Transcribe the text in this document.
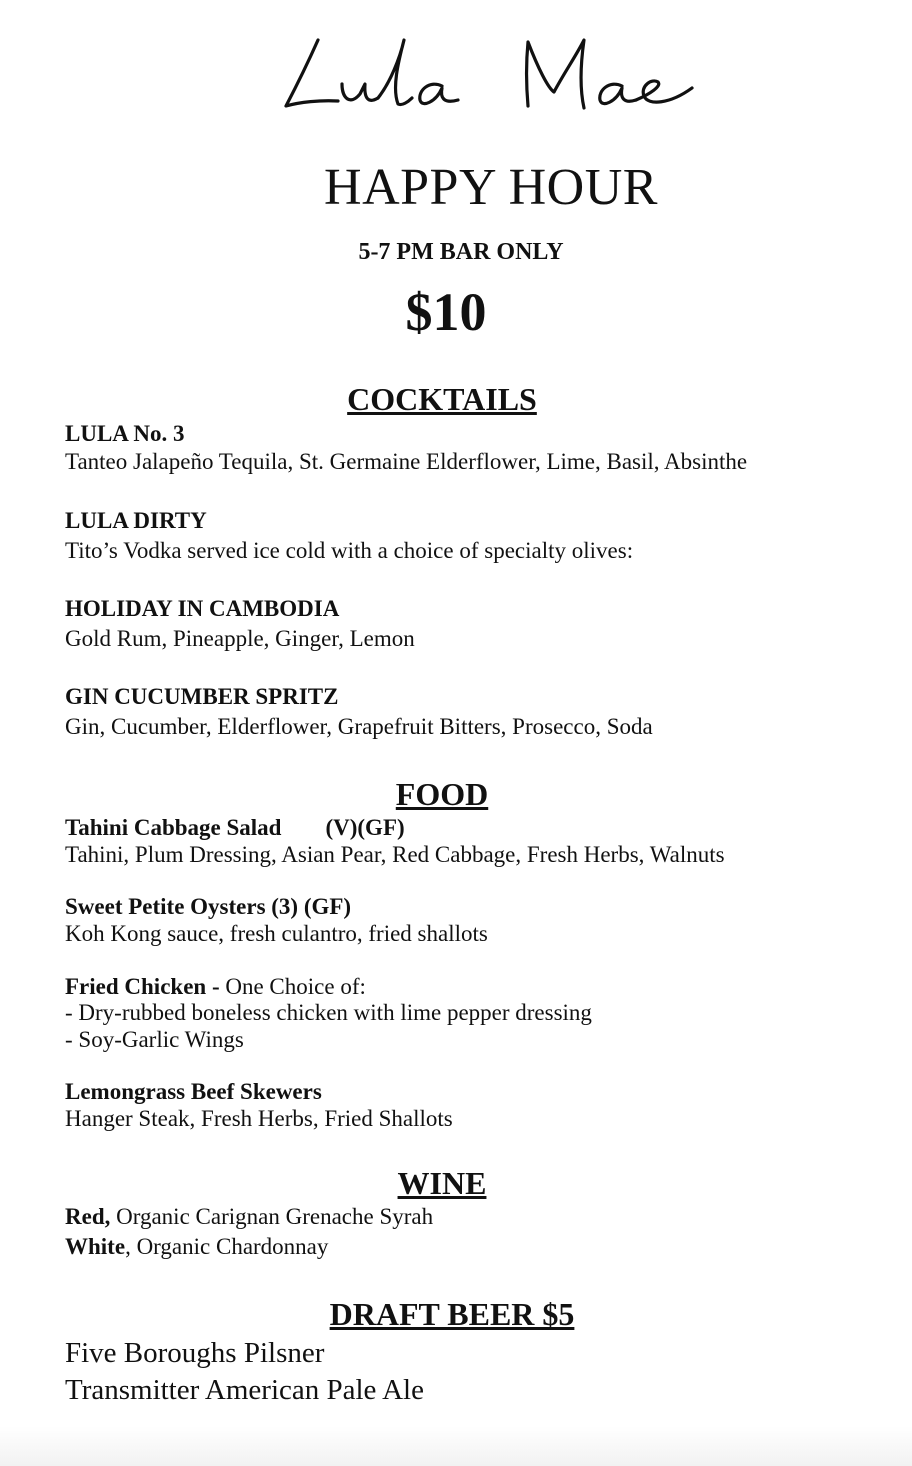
HAPPY HOUR
5-7 PM BAR ONLY
$10
COCKTAILS
LULA No. 3
Tanteo Jalapeño Tequila, St. Germaine Elderflower, Lime, Basil, Absinthe
LULA DIRTY
Tito’s Vodka served ice cold with a choice of specialty olives:
HOLIDAY IN CAMBODIA
Gold Rum, Pineapple, Ginger, Lemon
GIN CUCUMBER SPRITZ
Gin, Cucumber, Elderflower, Grapefruit Bitters, Prosecco, Soda
FOOD
Tahini Cabbage Salad (V)(GF)
Tahini, Plum Dressing, Asian Pear, Red Cabbage, Fresh Herbs, Walnuts
Sweet Petite Oysters (3) (GF)
Koh Kong sauce, fresh culantro, fried shallots
Fried Chicken - One Choice of:
- Dry-rubbed boneless chicken with lime pepper dressing
- Soy-Garlic Wings
Lemongrass Beef Skewers
Hanger Steak, Fresh Herbs, Fried Shallots
WINE
Red, Organic Carignan Grenache Syrah
White, Organic Chardonnay
DRAFT BEER $5
Five Boroughs Pilsner
Transmitter American Pale Ale
